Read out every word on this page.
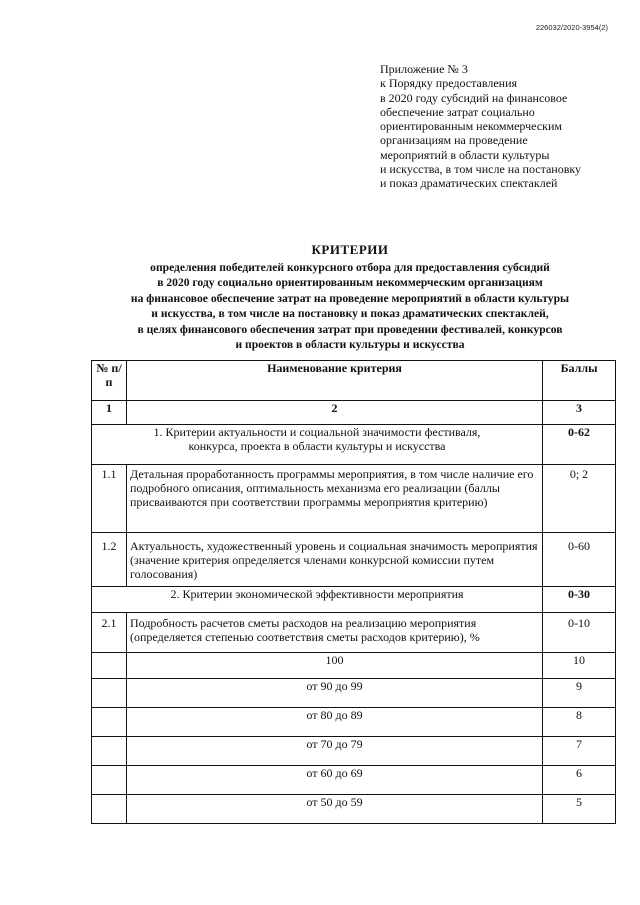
226032/2020-3954(2)
Приложение № 3
к Порядку предоставления
в 2020 году субсидий на финансовое
обеспечение затрат социально
ориентированным некоммерческим
организациям на проведение
мероприятий в области культуры
и искусства, в том числе на постановку
и показ драматических спектаклей
КРИТЕРИИ
определения победителей конкурсного отбора для предоставления субсидий
в 2020 году социально ориентированным некоммерческим организациям
на финансовое обеспечение затрат на проведение мероприятий в области культуры
и искусства, в том числе на постановку и показ драматических спектаклей,
в целях финансового обеспечения затрат при проведении фестивалей, конкурсов
и проектов в области культуры и искусства
№ п/п	Наименование критерия	Баллы
1	2	3
1. Критерии актуальности и социальной значимости фестиваля, конкурса, проекта в области культуры и искусства		0-62
1.1	Детальная проработанность программы мероприятия, в том числе наличие его подробного описания, оптимальность механизма его реализации (баллы присваиваются при соответствии программы мероприятия критерию)	0; 2
1.2	Актуальность, художественный уровень и социальная значимость мероприятия (значение критерия определяется членами конкурсной комиссии путем голосования)	0-60
2. Критерии экономической эффективности мероприятия		0-30
2.1	Подробность расчетов сметы расходов на реализацию мероприятия (определяется степенью соответствия сметы расходов критерию), %	0-10
	100	10
	от 90 до 99	9
	от 80 до 89	8
	от 70 до 79	7
	от 60 до 69	6
	от 50 до 59	5
